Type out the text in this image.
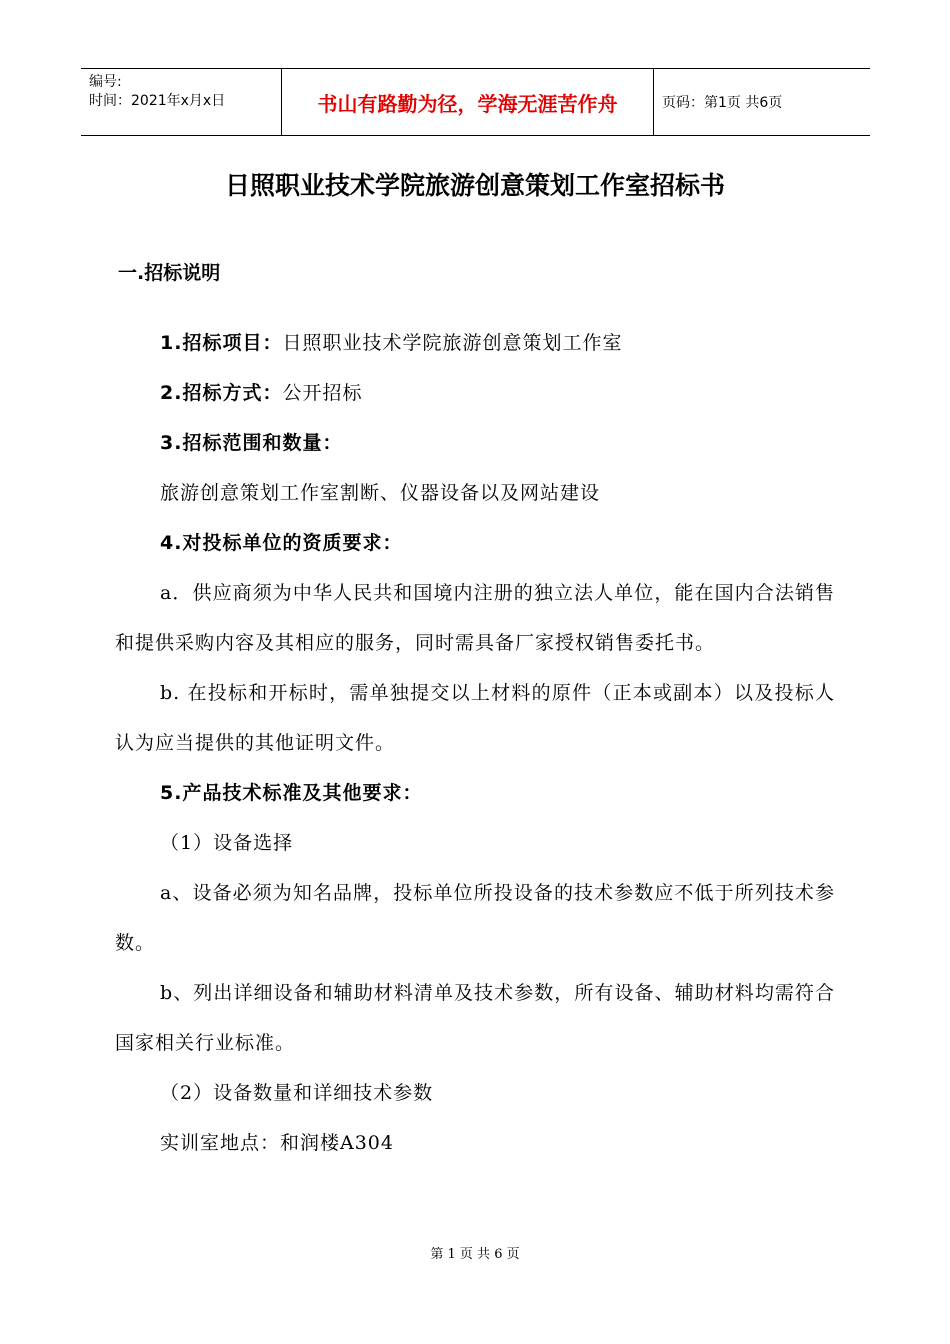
编号:
时间：2021年x月x日	书山有路勤为径，学海无涯苦作舟	页码：第1页 共6页
日照职业技术学院旅游创意策划工作室招标书
一.招标说明

1.招标项目：日照职业技术学院旅游创意策划工作室

2.招标方式：公开招标

3.招标范围和数量：

旅游创意策划工作室割断、仪器设备以及网站建设

4.对投标单位的资质要求：

a．供应商须为中华人民共和国境内注册的独立法人单位，能在国内合法销售和提供采购内容及其相应的服务，同时需具备厂家授权销售委托书。

b. 在投标和开标时，需单独提交以上材料的原件（正本或副本）以及投标人认为应当提供的其他证明文件。

5.产品技术标准及其他要求：

（1）设备选择

a、设备必须为知名品牌，投标单位所投设备的技术参数应不低于所列技术参数。

b、列出详细设备和辅助材料清单及技术参数，所有设备、辅助材料均需符合国家相关行业标准。

（2）设备数量和详细技术参数

实训室地点：和润楼A304

第 1 页 共 6 页
